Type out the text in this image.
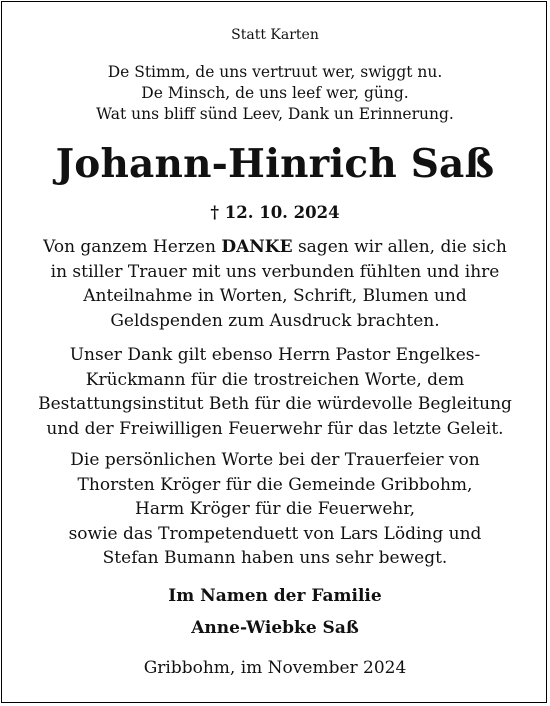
Statt Karten
De Stimm, de uns vertruut wer, swiggt nu.
De Minsch, de uns leef wer, güng.
Wat uns bliff sünd Leev, Dank un Erinnerung.
Johann-Hinrich Saß
† 12. 10. 2024
Von ganzem Herzen DANKE sagen wir allen, die sich
in stiller Trauer mit uns verbunden fühlten und ihre
Anteilnahme in Worten, Schrift, Blumen und
Geldspenden zum Ausdruck brachten.
Unser Dank gilt ebenso Herrn Pastor Engelkes-
Krückmann für die trostreichen Worte, dem
Bestattungsinstitut Beth für die würdevolle Begleitung
und der Freiwilligen Feuerwehr für das letzte Geleit.
Die persönlichen Worte bei der Trauerfeier von
Thorsten Kröger für die Gemeinde Gribbohm,
Harm Kröger für die Feuerwehr,
sowie das Trompetenduett von Lars Löding und
Stefan Bumann haben uns sehr bewegt.
Im Namen der Familie
Anne-Wiebke Saß
Gribbohm, im November 2024
